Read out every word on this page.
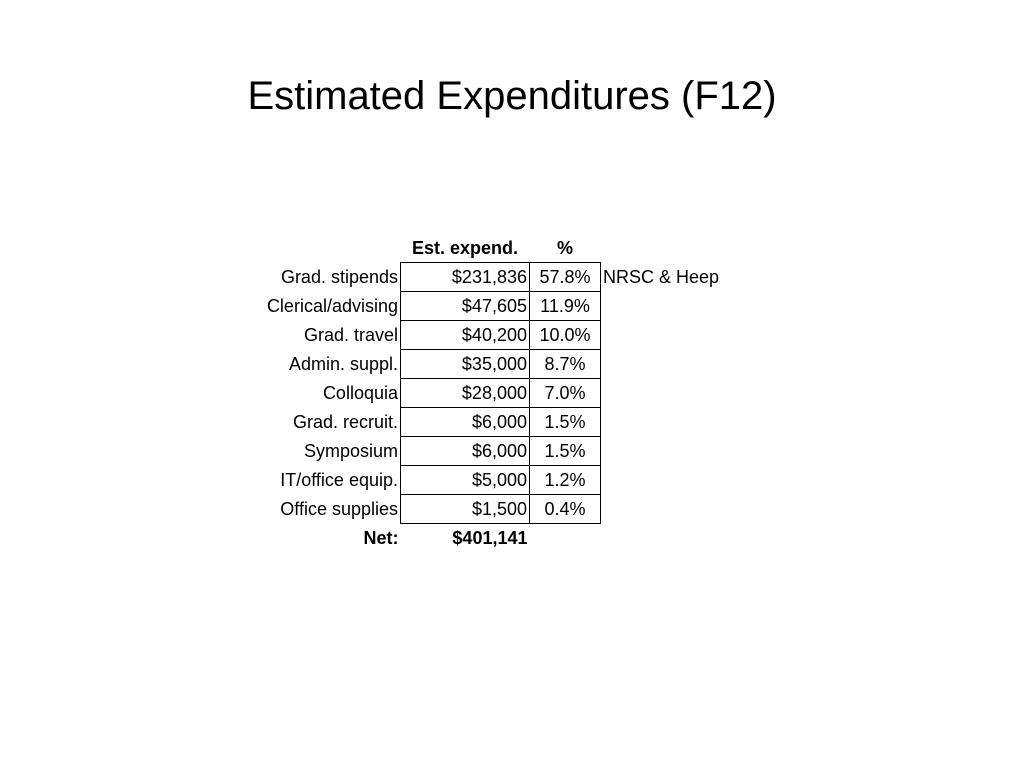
Estimated Expenditures (F12)
	Est. expend.	%	
Grad. stipends	$231,836	57.8%	NRSC & Heep
Clerical/advising	$47,605	11.9%	
Grad. travel	$40,200	10.0%	
Admin. suppl.	$35,000	8.7%	
Colloquia	$28,000	7.0%	
Grad. recruit.	$6,000	1.5%	
Symposium	$6,000	1.5%	
IT/office equip.	$5,000	1.2%	
Office supplies	$1,500	0.4%	
Net:	$401,141		
